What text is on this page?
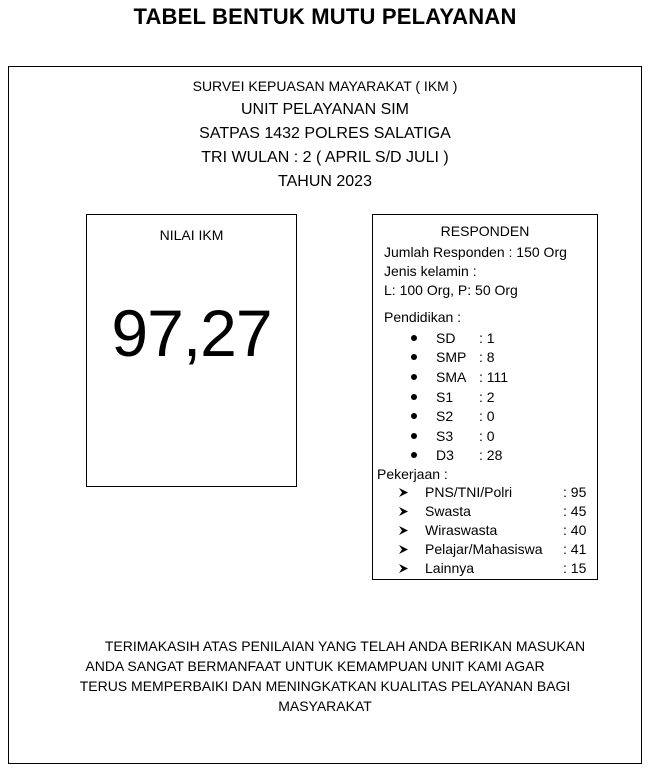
TABEL BENTUK MUTU PELAYANAN
SURVEI KEPUASAN MAYARAKAT ( IKM )
UNIT PELAYANAN SIM
SATPAS 1432 POLRES SALATIGA
TRI WULAN : 2 ( APRIL S/D JULI )
TAHUN 2023
NILAI IKM
97,27
RESPONDEN
Jumlah Responden : 150 Org
Jenis kelamin :
L: 100 Org, P: 50 Org
Pendidikan :
SD : 1
SMP : 8
SMA : 111
S1 : 2
S2 : 0
S3 : 0
D3 : 28
Pekerjaan :
PNS/TNI/Polri	: 95
Swasta	: 45
Wiraswasta	: 40
Pelajar/Mahasiswa : 41
Lainnya	: 15
TERIMAKASIH ATAS PENILAIAN YANG TELAH ANDA BERIKAN MASUKAN
ANDA SANGAT BERMANFAAT UNTUK KEMAMPUAN UNIT KAMI AGAR
TERUS MEMPERBAIKI DAN MENINGKATKAN KUALITAS PELAYANAN BAGI
MASYARAKAT
